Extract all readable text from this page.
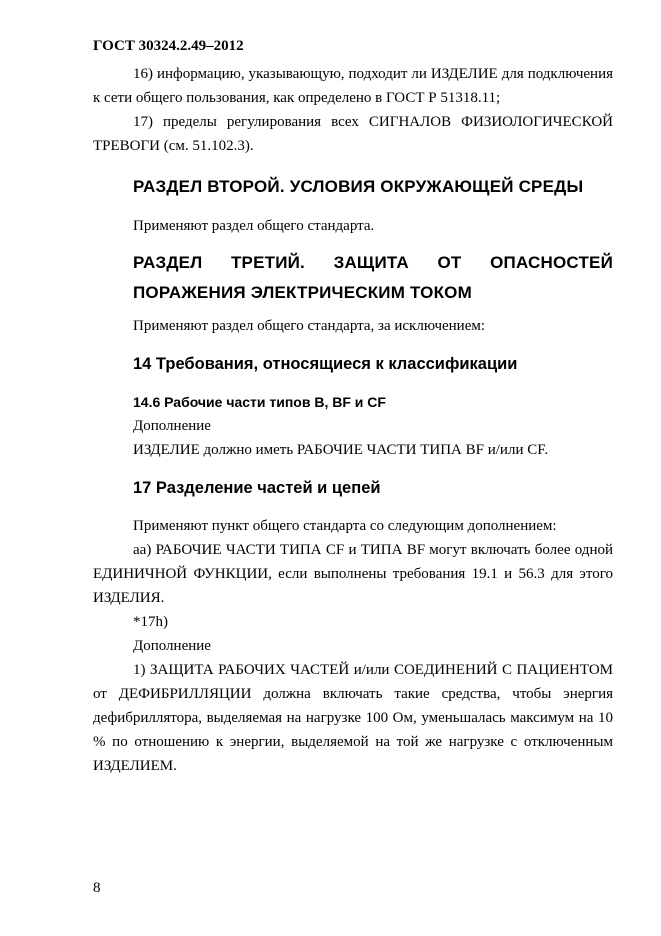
ГОСТ 30324.2.49–2012

16) информацию, указывающую, подходит ли ИЗДЕЛИЕ для подключения к сети общего пользования, как определено в ГОСТ Р 51318.11;

17) пределы регулирования всех СИГНАЛОВ ФИЗИОЛОГИЧЕСКОЙ ТРЕВОГИ (см. 51.102.3).

РАЗДЕЛ ВТОРОЙ. УСЛОВИЯ ОКРУЖАЮЩЕЙ СРЕДЫ

Применяют раздел общего стандарта.

РАЗДЕЛ ТРЕТИЙ. ЗАЩИТА ОТ ОПАСНОСТЕЙ

ПОРАЖЕНИЯ ЭЛЕКТРИЧЕСКИМ ТОКОМ

Применяют раздел общего стандарта, за исключением:

14 Требования, относящиеся к классификации

14.6 Рабочие части типов B, BF и CF

Дополнение

ИЗДЕЛИЕ должно иметь РАБОЧИЕ ЧАСТИ ТИПА BF и/или CF.

17 Разделение частей и цепей

Применяют пункт общего стандарта со следующим дополнением:

аа) РАБОЧИЕ ЧАСТИ ТИПА CF и ТИПА BF могут включать более одной ЕДИНИЧНОЙ ФУНКЦИИ, если выполнены требования 19.1 и 56.3 для этого ИЗДЕЛИЯ.

*17h)

Дополнение

1) ЗАЩИТА РАБОЧИХ ЧАСТЕЙ и/или СОЕДИНЕНИЙ С ПАЦИЕНТОМ от ДЕФИБРИЛЛЯЦИИ должна включать такие средства, чтобы энергия дефибриллятора, выделяемая на нагрузке 100 Ом, уменьшалась максимум на 10 % по отношению к энергии, выделяемой на той же нагрузке с отключенным ИЗДЕЛИЕМ.

8
